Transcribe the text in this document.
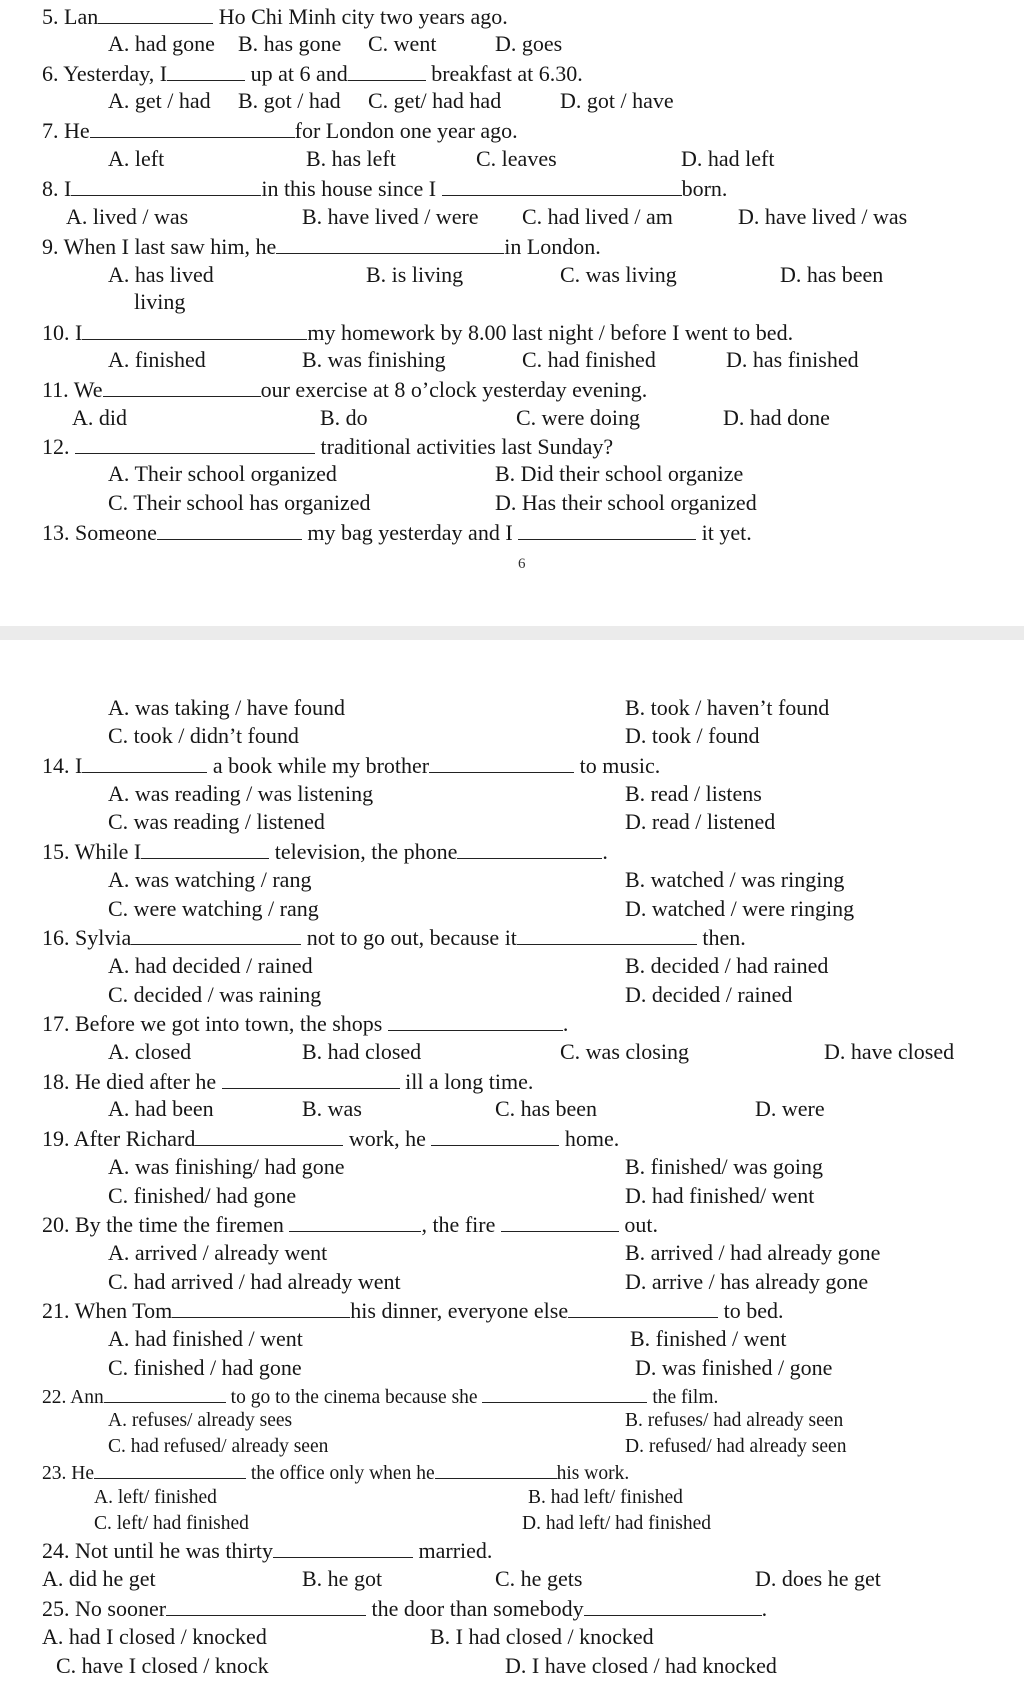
5. Lan	Ho Chi Minh city two years ago.
A. had gone B. has gone C. went	D. goes
6. Yesterday, I	up at 6 and	breakfast at 6.30.
A. get / had B. got / had C. get/ had had	D. got / have
7. He	for London one year ago.
A. left	B. has left	C. leaves	D. had left
8. I	in this house since I	born.
A. lived / was	B. have lived / were C. had lived / am	D. have lived / was
9. When I last saw him, he	in London.
A. has lived	B. is living	C. was living	D. has been
living
10. I	my homework by 8.00 last night / before I went to bed.
A. finished	B. was finishing	C. had finished	D. has finished
11. We	our exercise at 8 o’clock yesterday evening.
A. did	B. do	C. were doing	D. had done
12.	traditional activities last Sunday?
A. Their school organized	B. Did their school organize
C. Their school has organized	D. Has their school organized
13. Someone	my bag yesterday and I	it yet.
6
A. was taking / have found	B. took / haven’t found
C. took / didn’t found	D. took / found
14. I	a book while my brother	to music.
A. was reading / was listening	B. read / listens
C. was reading / listened	D. read / listened
15. While I	television, the phone	.
A. was watching / rang	B. watched / was ringing
C. were watching / rang	D. watched / were ringing
16. Sylvia	not to go out, because it	then.
A. had decided / rained	B. decided / had rained
C. decided / was raining	D. decided / rained
17. Before we got into town, the shops	.
A. closed	B. had closed	C. was closing	D. have closed
18. He died after he	ill a long time.
A. had been	B. was	C. has been	D. were
19. After Richard	work, he	home.
A. was finishing/ had gone	B. finished/ was going
C. finished/ had gone	D. had finished/ went
20. By the time the firemen	, the fire	out.
A. arrived / already went	B. arrived / had already gone
C. had arrived / had already went	D. arrive / has already gone
21. When Tom	his dinner, everyone else	to bed.
A. had finished / went	B. finished / went
C. finished / had gone	D. was finished / gone
22. Ann	to go to the cinema because she	the film.
A. refuses/ already sees	B. refuses/ had already seen
C. had refused/ already seen	D. refused/ had already seen
23. He	the office only when he	his work.
A. left/ finished	B. had left/ finished
C. left/ had finished	D. had left/ had finished
24. Not until he was thirty	married.
A. did he get	B. he got	C. he gets	D. does he get
25. No sooner	the door than somebody	.
A. had I closed / knocked	B. I had closed / knocked
C. have I closed / knock	D. I have closed / had knocked
